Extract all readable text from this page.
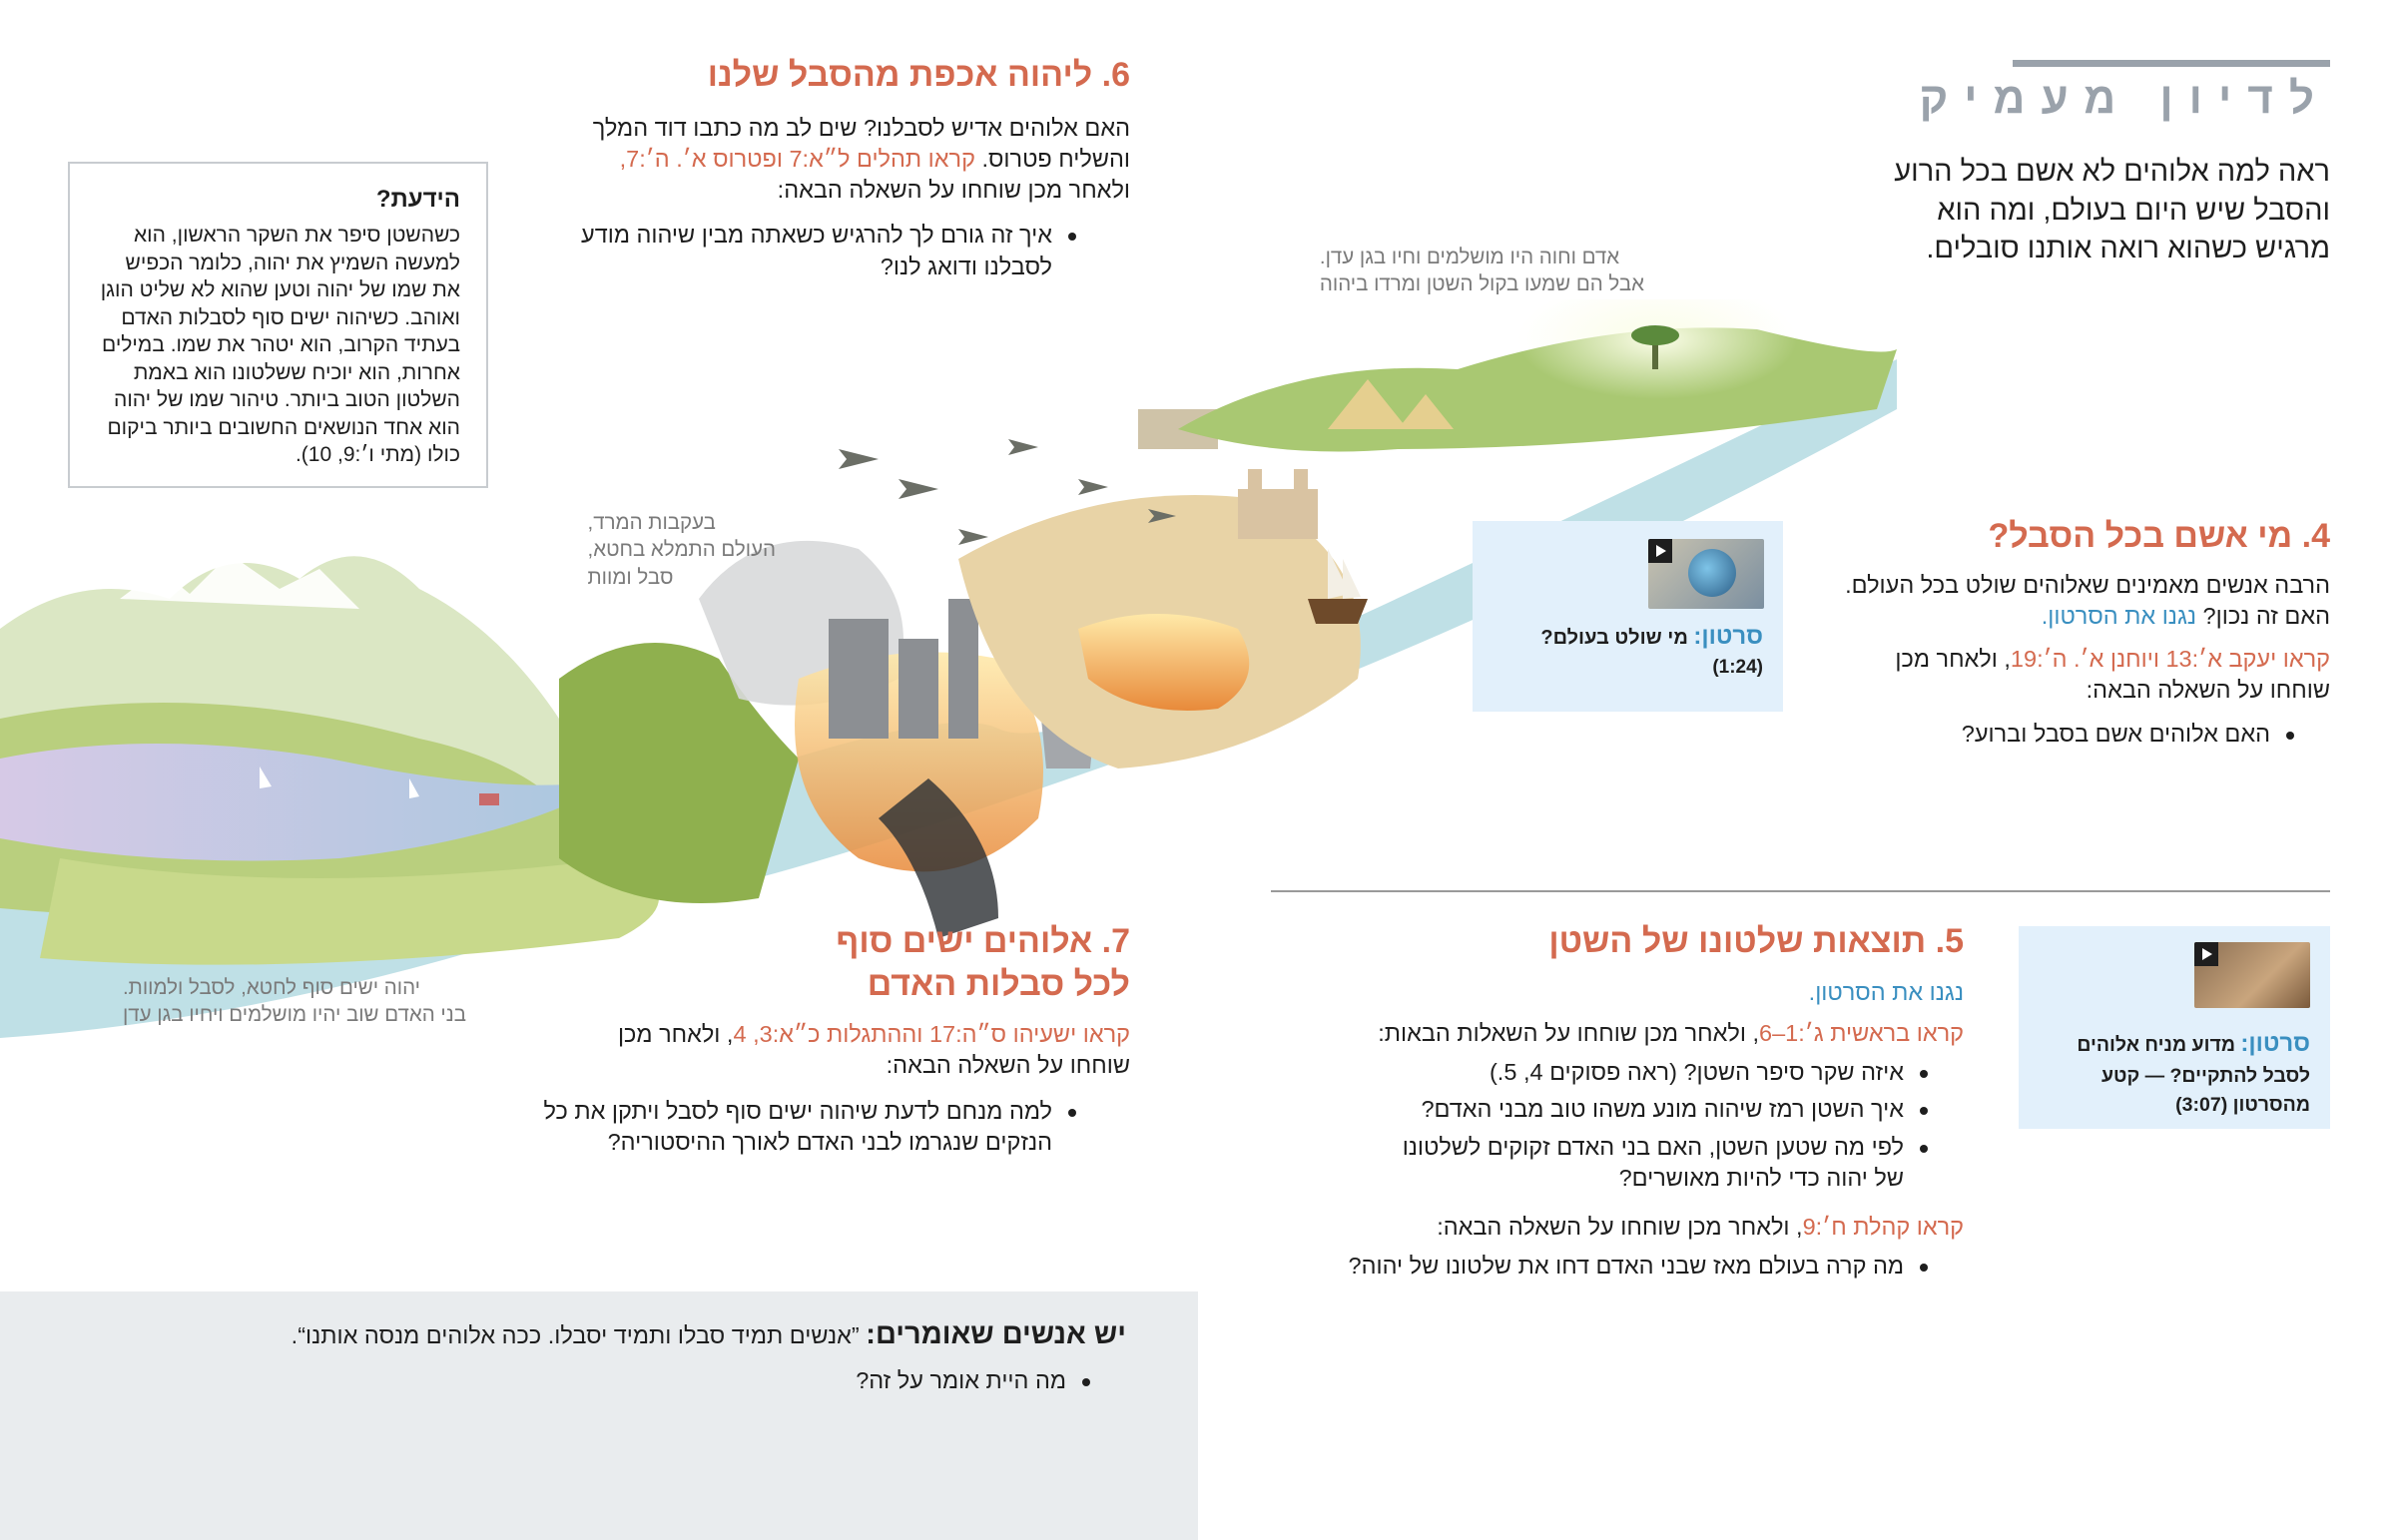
לדיון מעמיק
ראה למה אלוהים לא אשם בכל הרוע
והסבל שיש היום בעולם, ומה הוא
מרגיש כשהוא רואה אותנו סובלים.
אדם וחוה היו מושלמים וחיו בגן עדן.
אבל הם שמעו בקול השטן ומרדו ביהוה
בעקבות המרד,
העולם התמלא בחטא,
סבל ומוות
יהוה ישים סוף לחטא, לסבל ולמוות.
בני האדם שוב יהיו מושלמים ויחיו בגן עדן
הידעת?
כשהשטן סיפר את השקר הראשון, הוא
למעשה השמיץ את יהוה, כלומר הכפיש
את שמו של יהוה וטען שהוא לא שליט הוגן
ואוהב. כשיהוה ישים סוף לסבלות האדם
בעתיד הקרוב, הוא יטהר את שמו. במילים
אחרות, הוא יוכיח ששלטונו הוא באמת
השלטון הטוב ביותר. טיהור שמו של יהוה
הוא אחד הנושאים החשובים ביותר ביקום
כולו (מתי ו׳:9, 10).
6. ליהוה אכפת מהסבל שלנו

האם אלוהים אדיש לסבלנו? שים לב מה כתבו דוד המלך
והשליח פטרוס. קראו תהלים ל״א:7 ופטרוס א׳. ה׳:7,
ולאחר מכן שוחחו על השאלה הבאה:

איך זה גורם לך להרגיש כשאתה מבין שיהוה מודע
לסבלנו ודואג לנו?
4. מי אשם בכל הסבל?

הרבה אנשים מאמינים שאלוהים שולט בכל העולם.
האם זה נכון? נגנו את הסרטון.

קראו יעקב א׳:13 ויוחנן א׳. ה׳:19, ולאחר מכן
שוחחו על השאלה הבאה:

האם אלוהים אשם בסבל וברוע?
סרטון: מי שולט בעולם?
(1:24)
5. תוצאות שלטונו של השטן

נגנו את הסרטון.

קראו בראשית ג׳:1–6, ולאחר מכן שוחחו על השאלות הבאות:

איזה שקר סיפר השטן? (ראה פסוקים 4, 5.)
איך השטן רמז שיהוה מונע משהו טוב מבני האדם?
לפי מה שטען השטן, האם בני האדם זקוקים לשלטונו
של יהוה כדי להיות מאושרים?

קראו קהלת ח׳:9, ולאחר מכן שוחחו על השאלה הבאה:

מה קרה בעולם מאז שבני האדם דחו את שלטונו של יהוה?
סרטון: מדוע מניח אלוהים
לסבל להתקיים? — קטע
מהסרטון (3:07)
7. אלוהים ישים סוף
לכל סבלות האדם

קראו ישעיהו ס״ה:17 וההתגלות כ״א:3, 4, ולאחר מכן
שוחחו על השאלה הבאה:

למה מנחם לדעת שיהוה ישים סוף לסבל ויתקן את כל
הנזקים שנגרמו לבני האדם לאורך ההיסטוריה?
יש אנשים שאומרים: ”אנשים תמיד סבלו ותמיד יסבלו. ככה אלוהים מנסה אותנו“.
מה היית אומר על זה?
